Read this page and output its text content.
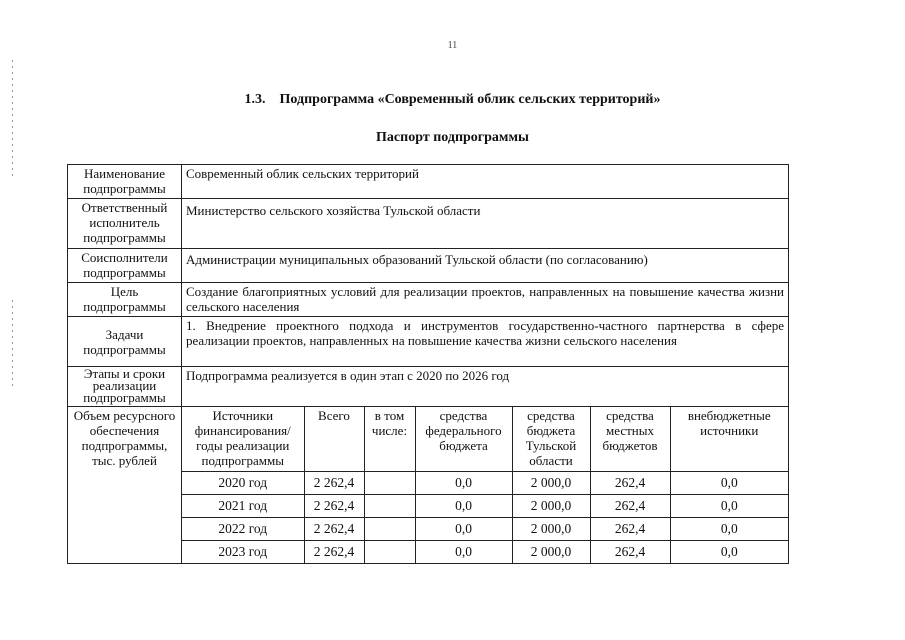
11
1.3. Подпрограмма «Современный облик сельских территорий»
Паспорт подпрограммы
Наименование подпрограммы	Современный облик сельских территорий
Ответственный исполнитель подпрограммы	Министерство сельского хозяйства Тульской области
Соисполнители подпрограммы	Администрации муниципальных образований Тульской области (по согласованию)
Цель подпрограммы	Создание благоприятных условий для реализации проектов, направленных на повышение качества жизни сельского населения
Задачи подпрограммы	1. Внедрение проектного подхода и инструментов государственно-частного партнерства в сфере реализации проектов, направленных на повышение качества жизни сельского населения
Этапы и сроки реализации подпрограммы	Подпрограмма реализуется в один этап с 2020 по 2026 год
Объем ресурсного обеспечения подпрограммы, тыс. рублей	
Источники финансирования/ годы реализации подпрограммы	Всего	в том числе:	средства федерального бюджета	средства бюджета Тульской области	средства местных бюджетов	внебюджетные источники
2020 год	2 262,4		0,0	2 000,0	262,4	0,0
2021 год	2 262,4		0,0	2 000,0	262,4	0,0
2022 год	2 262,4		0,0	2 000,0	262,4	0,0
2023 год	2 262,4		0,0	2 000,0	262,4	0,0
